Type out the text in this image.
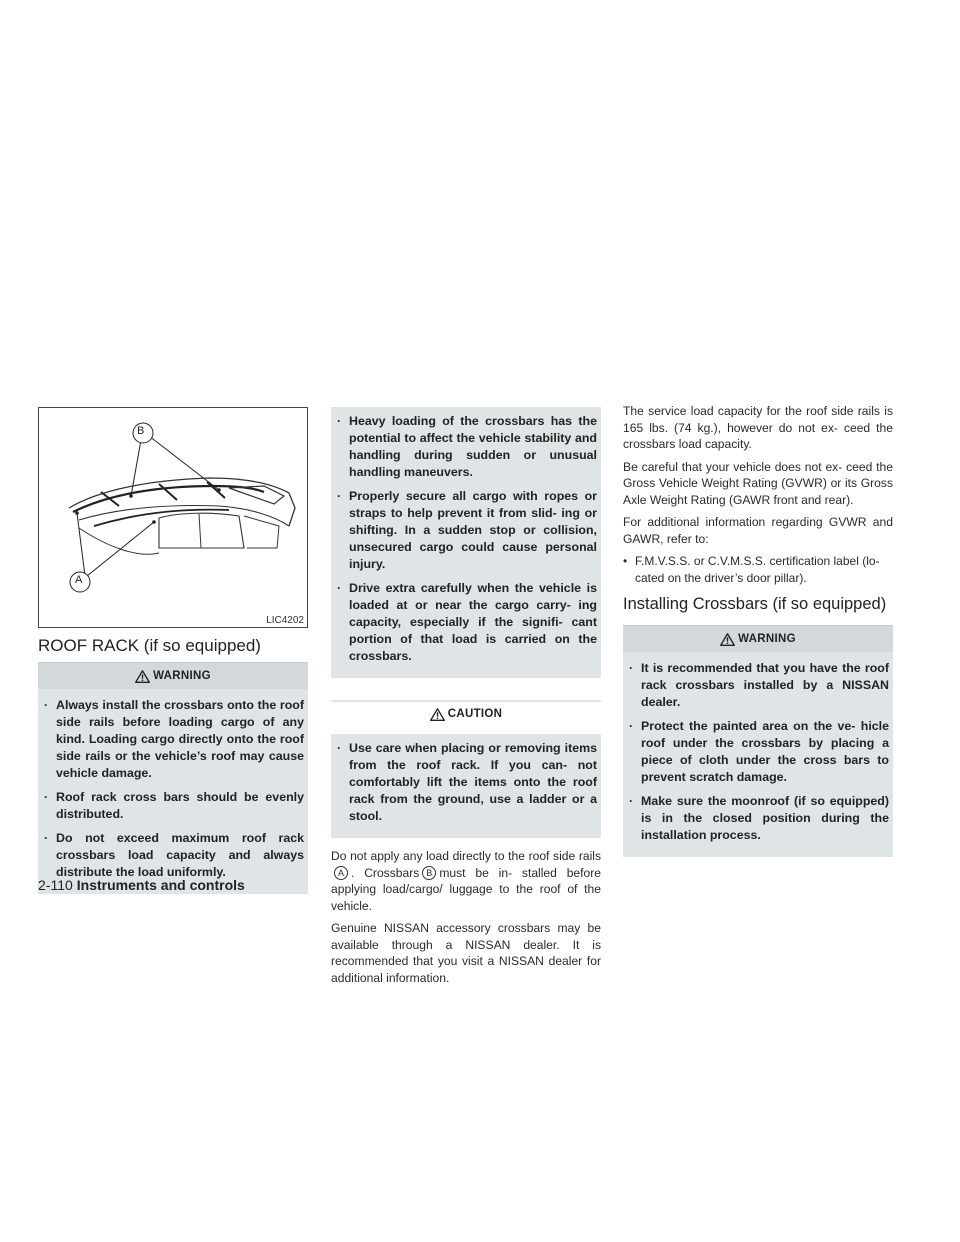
B
A
LIC4202
ROOF RACK (if so equipped)
WARNING
· Always install the crossbars onto the roof side rails before loading cargo of any kind. Loading cargo directly onto the roof side rails or the vehicle’s roof may cause vehicle damage.
· Roof rack cross bars should be evenly distributed.
· Do not exceed maximum roof rack crossbars load capacity and always distribute the load uniformly.
· Heavy loading of the crossbars has the potential to affect the vehicle stability and handling during sudden or unusual handling maneuvers.
· Properly secure all cargo with ropes or straps to help prevent it from slid- ing or shifting. In a sudden stop or collision, unsecured cargo could cause personal injury.
· Drive extra carefully when the vehicle is loaded at or near the cargo carry- ing capacity, especially if the signifi- cant portion of that load is carried on the crossbars.
CAUTION
· Use care when placing or removing items from the roof rack. If you can- not comfortably lift the items onto the roof rack from the ground, use a ladder or a stool.

Do not apply any load directly to the roof side railsA . Crossbars B must be in- stalled before applying load/cargo/ luggage to the roof of the vehicle.

Genuine NISSAN accessory crossbars may be available through a NISSAN dealer. It is recommended that you visit a NISSAN dealer for additional information.

The service load capacity for the roof side rails is 165 lbs. (74 kg.), however do not ex- ceed the crossbars load capacity.

Be careful that your vehicle does not ex- ceed the Gross Vehicle Weight Rating (GVWR) or its Gross Axle Weight Rating (GAWR front and rear).

For additional information regarding GVWR and GAWR, refer to:

• F.M.V.S.S. or C.V.M.S.S. certification label (lo- cated on the driver’s door pillar).
Installing Crossbars (if so equipped)
WARNING
· It is recommended that you have the roof rack crossbars installed by a NISSAN dealer.
· Protect the painted area on the ve- hicle roof under the crossbars by placing a piece of cloth under the cross bars to prevent scratch damage.
· Make sure the moonroof (if so equipped) is in the closed position during the installation process.
2-110 Instruments and controls
